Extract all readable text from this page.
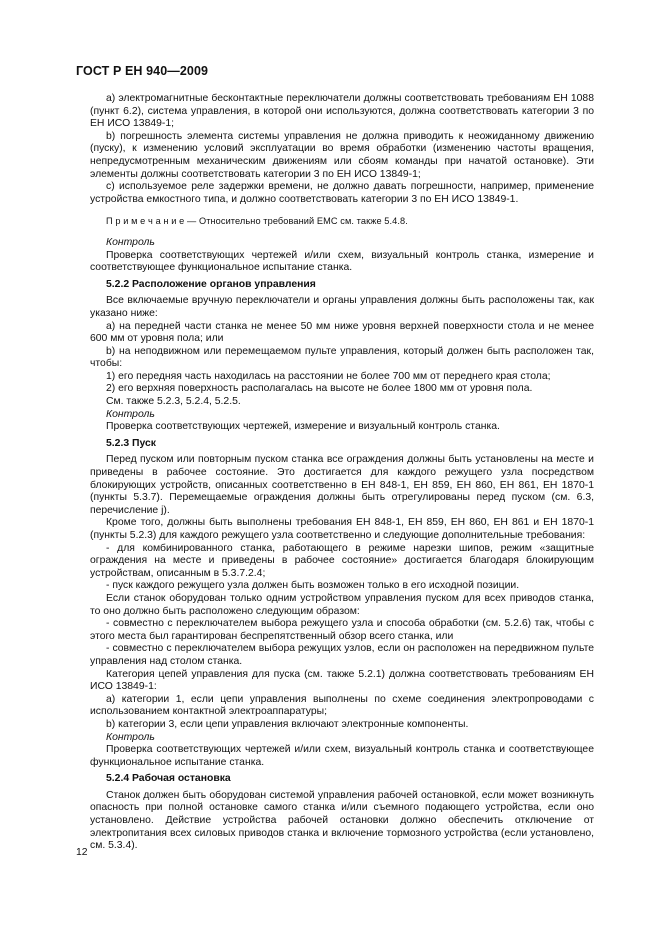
ГОСТ Р ЕН 940—2009

а) электромагнитные бесконтактные переключатели должны соответствовать требованиям ЕН 1088 (пункт 6.2), система управления, в которой они используются, должна соответствовать категории 3 по ЕН ИСО 13849-1;

b) погрешность элемента системы управления не должна приводить к неожиданному движению (пуску), к изменению условий эксплуатации во время обработки (изменению частоты вращения, непредусмотренным механическим движениям или сбоям команды при начатой остановке). Эти элементы должны соответствовать категории 3 по ЕН ИСО 13849-1;

c) используемое реле задержки времени, не должно давать погрешности, например, применение устройства емкостного типа, и должно соответствовать категории 3 по ЕН ИСО 13849-1.

П р и м е ч а н и е — Относительно требований ЕМС см. также 5.4.8.

Контроль

Проверка соответствующих чертежей и/или схем, визуальный контроль станка, измерение и соответствующее функциональное испытание станка.

5.2.2 Расположение органов управления

Все включаемые вручную переключатели и органы управления должны быть расположены так, как указано ниже:

а) на передней части станка не менее 50 мм ниже уровня верхней поверхности стола и не менее 600 мм от уровня пола; или

b) на неподвижном или перемещаемом пульте управления, который должен быть расположен так, чтобы:

1) его передняя часть находилась на расстоянии не более 700 мм от переднего края стола;

2) его верхняя поверхность располагалась на высоте не более 1800 мм от уровня пола.

См. также 5.2.3, 5.2.4, 5.2.5.

Контроль

Проверка соответствующих чертежей, измерение и визуальный контроль станка.

5.2.3 Пуск

Перед пуском или повторным пуском станка все ограждения должны быть установлены на месте и приведены в рабочее состояние. Это достигается для каждого режущего узла посредством блокирующих устройств, описанных соответственно в ЕН 848-1, ЕН 859, ЕН 860, ЕН 861, ЕН 1870-1 (пункты 5.3.7). Перемещаемые ограждения должны быть отрегулированы перед пуском (см. 6.3, перечисление j).

Кроме того, должны быть выполнены требования ЕН 848-1, ЕН 859, ЕН 860, ЕН 861 и ЕН 1870-1 (пункты 5.2.3) для каждого режущего узла соответственно и следующие дополнительные требования:

- для комбинированного станка, работающего в режиме нарезки шипов, режим «защитные ограждения на месте и приведены в рабочее состояние» достигается благодаря блокирующим устройствам, описанным в 5.3.7.2.4;

- пуск каждого режущего узла должен быть возможен только в его исходной позиции.

Если станок оборудован только одним устройством управления пуском для всех приводов станка, то оно должно быть расположено следующим образом:

- совместно с переключателем выбора режущего узла и способа обработки (см. 5.2.6) так, чтобы с этого места был гарантирован беспрепятственный обзор всего станка, или

- совместно с переключателем выбора режущих узлов, если он расположен на передвижном пульте управления над столом станка.

Категория цепей управления для пуска (см. также 5.2.1) должна соответствовать требованиям ЕН ИСО 13849-1:

а) категории 1, если цепи управления выполнены по схеме соединения электропроводами с использованием контактной электроаппаратуры;

b) категории 3, если цепи управления включают электронные компоненты.

Контроль

Проверка соответствующих чертежей и/или схем, визуальный контроль станка и соответствующее функциональное испытание станка.

5.2.4 Рабочая остановка

Станок должен быть оборудован системой управления рабочей остановкой, если может возникнуть опасность при полной остановке самого станка и/или съемного подающего устройства, если оно установлено. Действие устройства рабочей остановки должно обеспечить отключение от электропитания всех силовых приводов станка и включение тормозного устройства (если установлено, см. 5.3.4).

12
